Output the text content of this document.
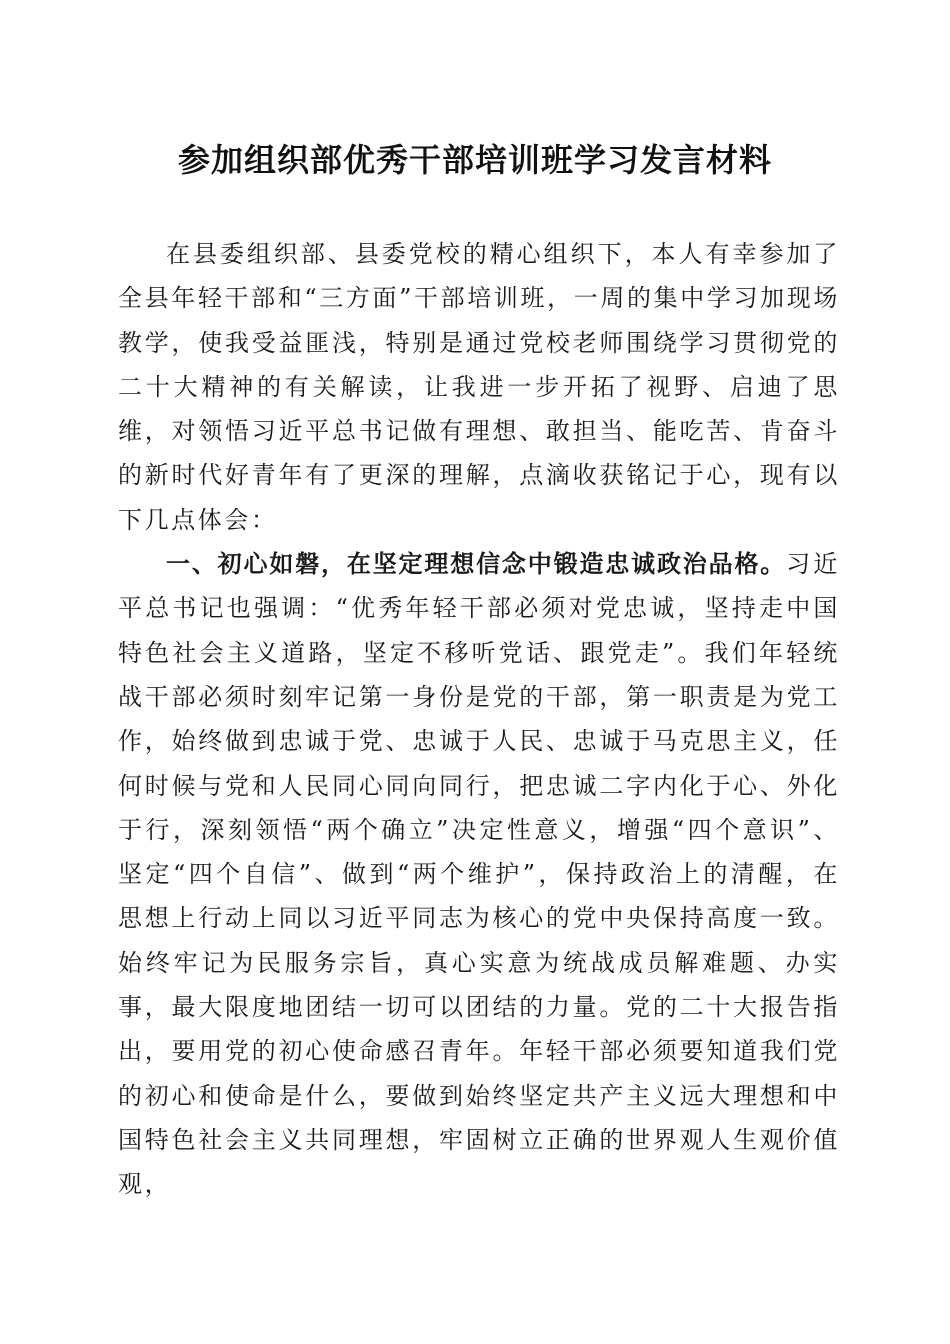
参加组织部优秀干部培训班学习发言材料

在县委组织部、县委党校的精心组织下，本人有幸参加了全县年轻干部和“三方面”干部培训班，一周的集中学习加现场教学，使我受益匪浅，特别是通过党校老师围绕学习贯彻党的二十大精神的有关解读，让我进一步开拓了视野、启迪了思维，对领悟习近平总书记做有理想、敢担当、能吃苦、肯奋斗的新时代好青年有了更深的理解，点滴收获铭记于心，现有以下几点体会：

一、初心如磐，在坚定理想信念中锻造忠诚政治品格。习近平总书记也强调：“优秀年轻干部必须对党忠诚，坚持走中国特色社会主义道路，坚定不移听党话、跟党走”。我们年轻统战干部必须时刻牢记第一身份是党的干部，第一职责是为党工作，始终做到忠诚于党、忠诚于人民、忠诚于马克思主义，任何时候与党和人民同心同向同行，把忠诚二字内化于心、外化于行，深刻领悟“两个确立”决定性意义，增强“四个意识”、坚定“四个自信”、做到“两个维护”，保持政治上的清醒，在思想上行动上同以习近平同志为核心的党中央保持高度一致。始终牢记为民服务宗旨，真心实意为统战成员解难题、办实事，最大限度地团结一切可以团结的力量。党的二十大报告指出，要用党的初心使命感召青年。年轻干部必须要知道我们党的初心和使命是什么，要做到始终坚定共产主义远大理想和中国特色社会主义共同理想，牢固树立正确的世界观人生观价值观，
